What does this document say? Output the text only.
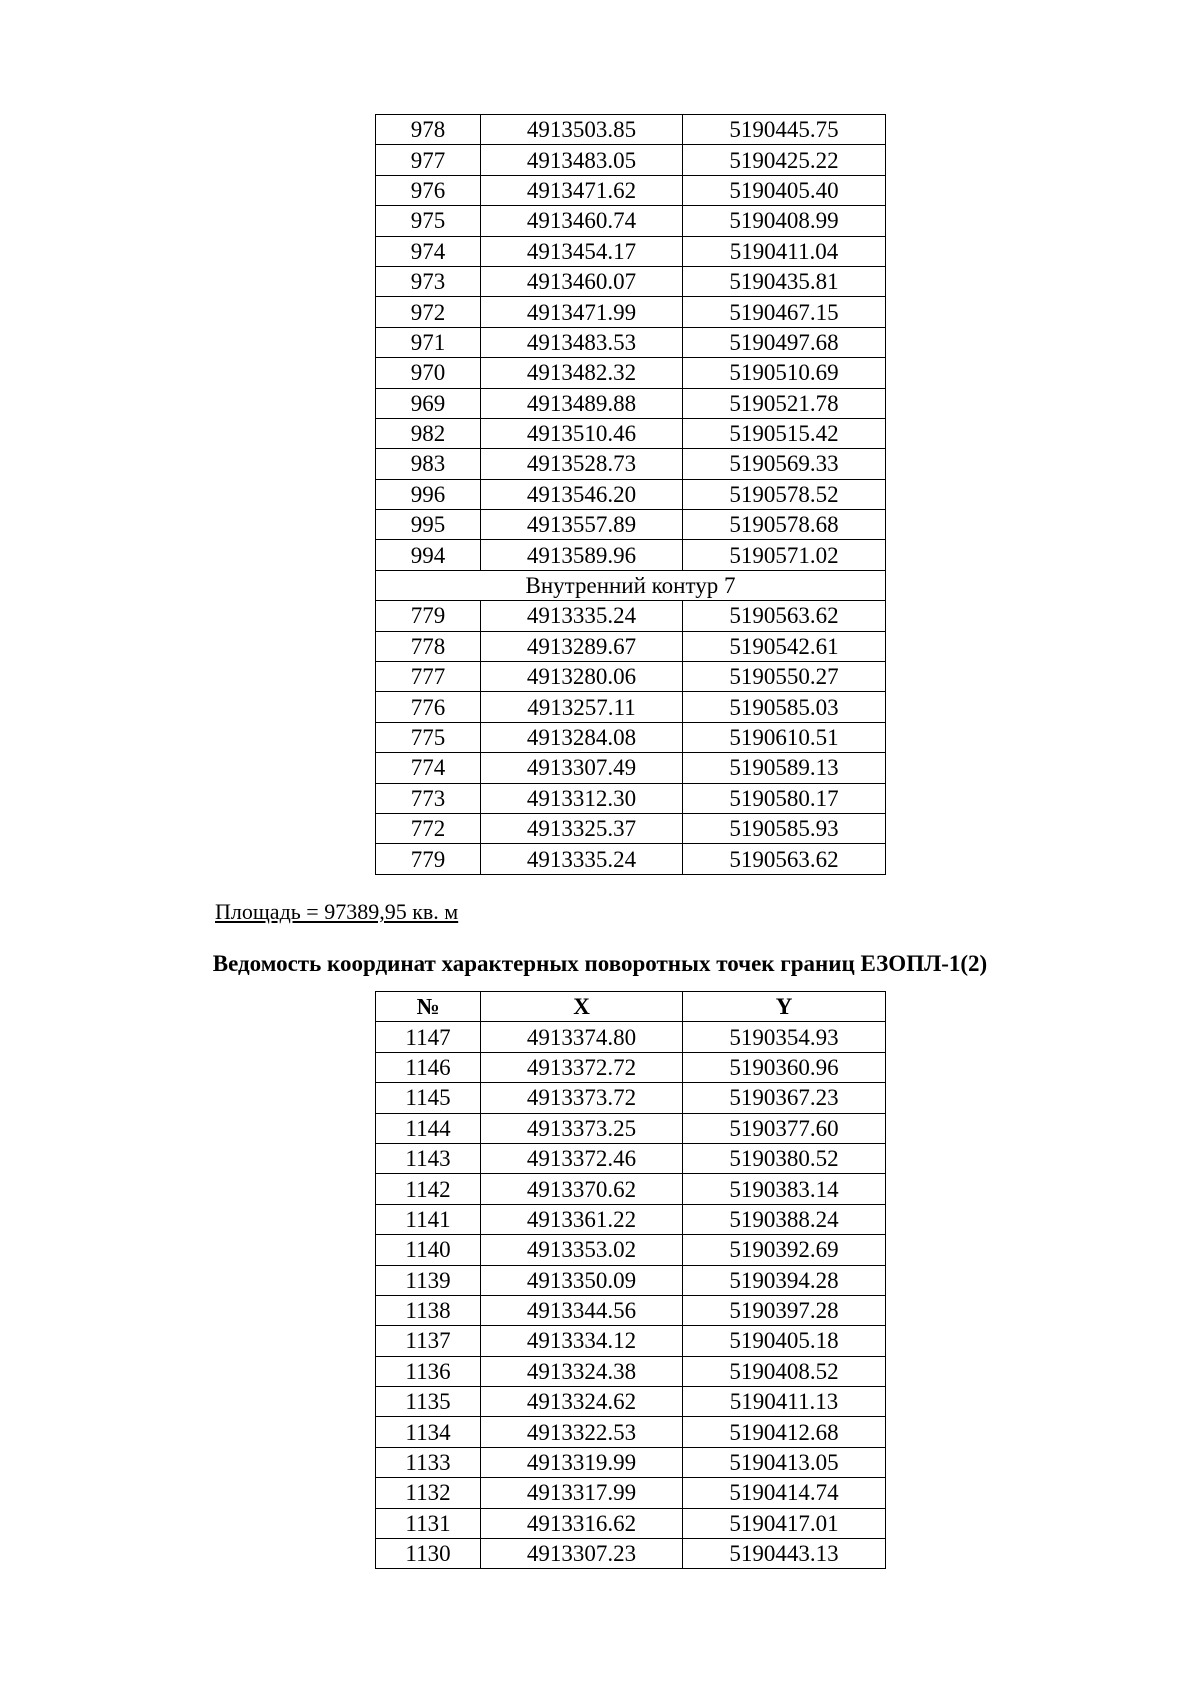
978	4913503.85	5190445.75
977	4913483.05	5190425.22
976	4913471.62	5190405.40
975	4913460.74	5190408.99
974	4913454.17	5190411.04
973	4913460.07	5190435.81
972	4913471.99	5190467.15
971	4913483.53	5190497.68
970	4913482.32	5190510.69
969	4913489.88	5190521.78
982	4913510.46	5190515.42
983	4913528.73	5190569.33
996	4913546.20	5190578.52
995	4913557.89	5190578.68
994	4913589.96	5190571.02
Внутренний контур 7		
779	4913335.24	5190563.62
778	4913289.67	5190542.61
777	4913280.06	5190550.27
776	4913257.11	5190585.03
775	4913284.08	5190610.51
774	4913307.49	5190589.13
773	4913312.30	5190580.17
772	4913325.37	5190585.93
779	4913335.24	5190563.62
Площадь = 97389,95 кв. м
Ведомость координат характерных поворотных точек границ ЕЗОПЛ-1(2)
№	X	Y
1147	4913374.80	5190354.93
1146	4913372.72	5190360.96
1145	4913373.72	5190367.23
1144	4913373.25	5190377.60
1143	4913372.46	5190380.52
1142	4913370.62	5190383.14
1141	4913361.22	5190388.24
1140	4913353.02	5190392.69
1139	4913350.09	5190394.28
1138	4913344.56	5190397.28
1137	4913334.12	5190405.18
1136	4913324.38	5190408.52
1135	4913324.62	5190411.13
1134	4913322.53	5190412.68
1133	4913319.99	5190413.05
1132	4913317.99	5190414.74
1131	4913316.62	5190417.01
1130	4913307.23	5190443.13
